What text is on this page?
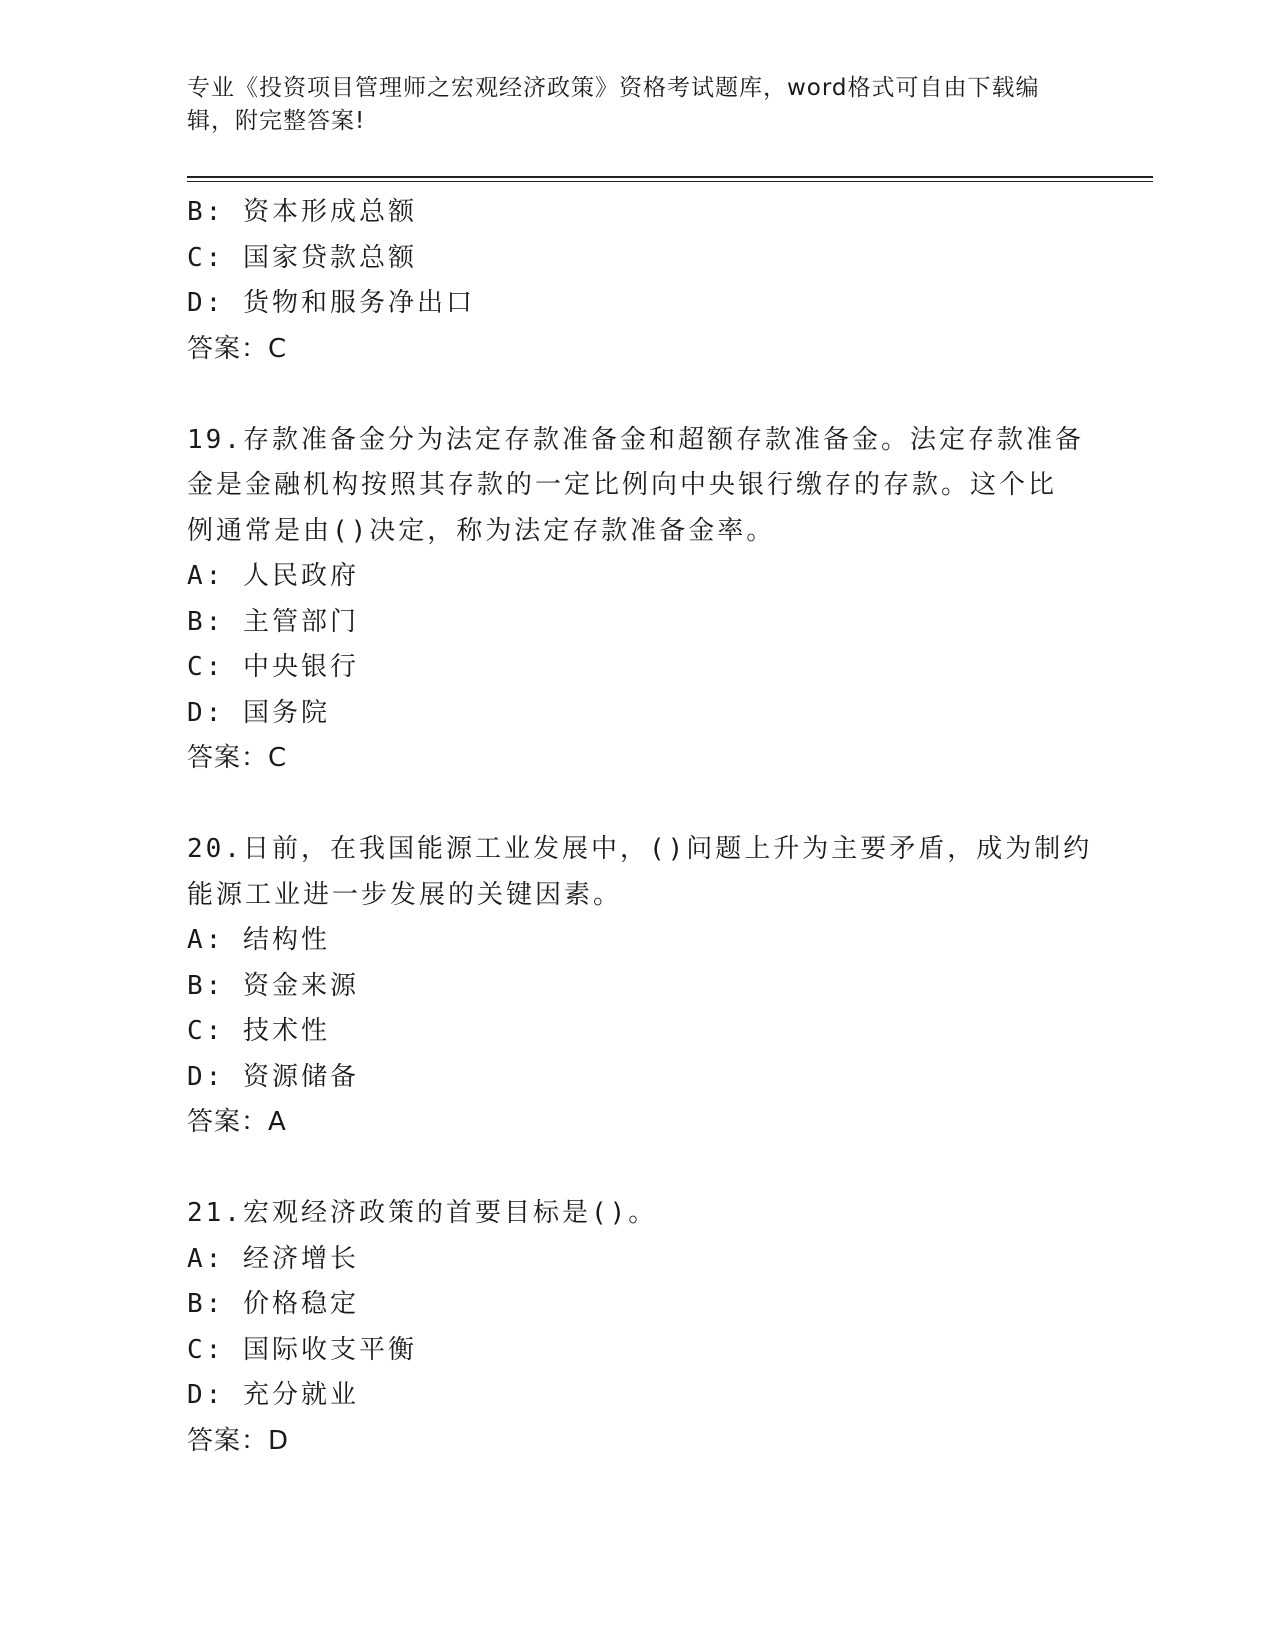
专业《投资项目管理师之宏观经济政策》资格考试题库，word格式可自由下载编辑，附完整答案!
B: 资本形成总额
C: 国家贷款总额
D: 货物和服务净出口
答案：C
19.存款准备金分为法定存款准备金和超额存款准备金。法定存款准备
金是金融机构按照其存款的一定比例向中央银行缴存的存款。这个比
例通常是由()决定，称为法定存款准备金率。
A: 人民政府
B: 主管部门
C: 中央银行
D: 国务院
答案：C
20.日前，在我国能源工业发展中，()问题上升为主要矛盾，成为制约
能源工业进一步发展的关键因素。
A: 结构性
B: 资金来源
C: 技术性
D: 资源储备
答案：A
21.宏观经济政策的首要目标是()。
A: 经济增长
B: 价格稳定
C: 国际收支平衡
D: 充分就业
答案：D
